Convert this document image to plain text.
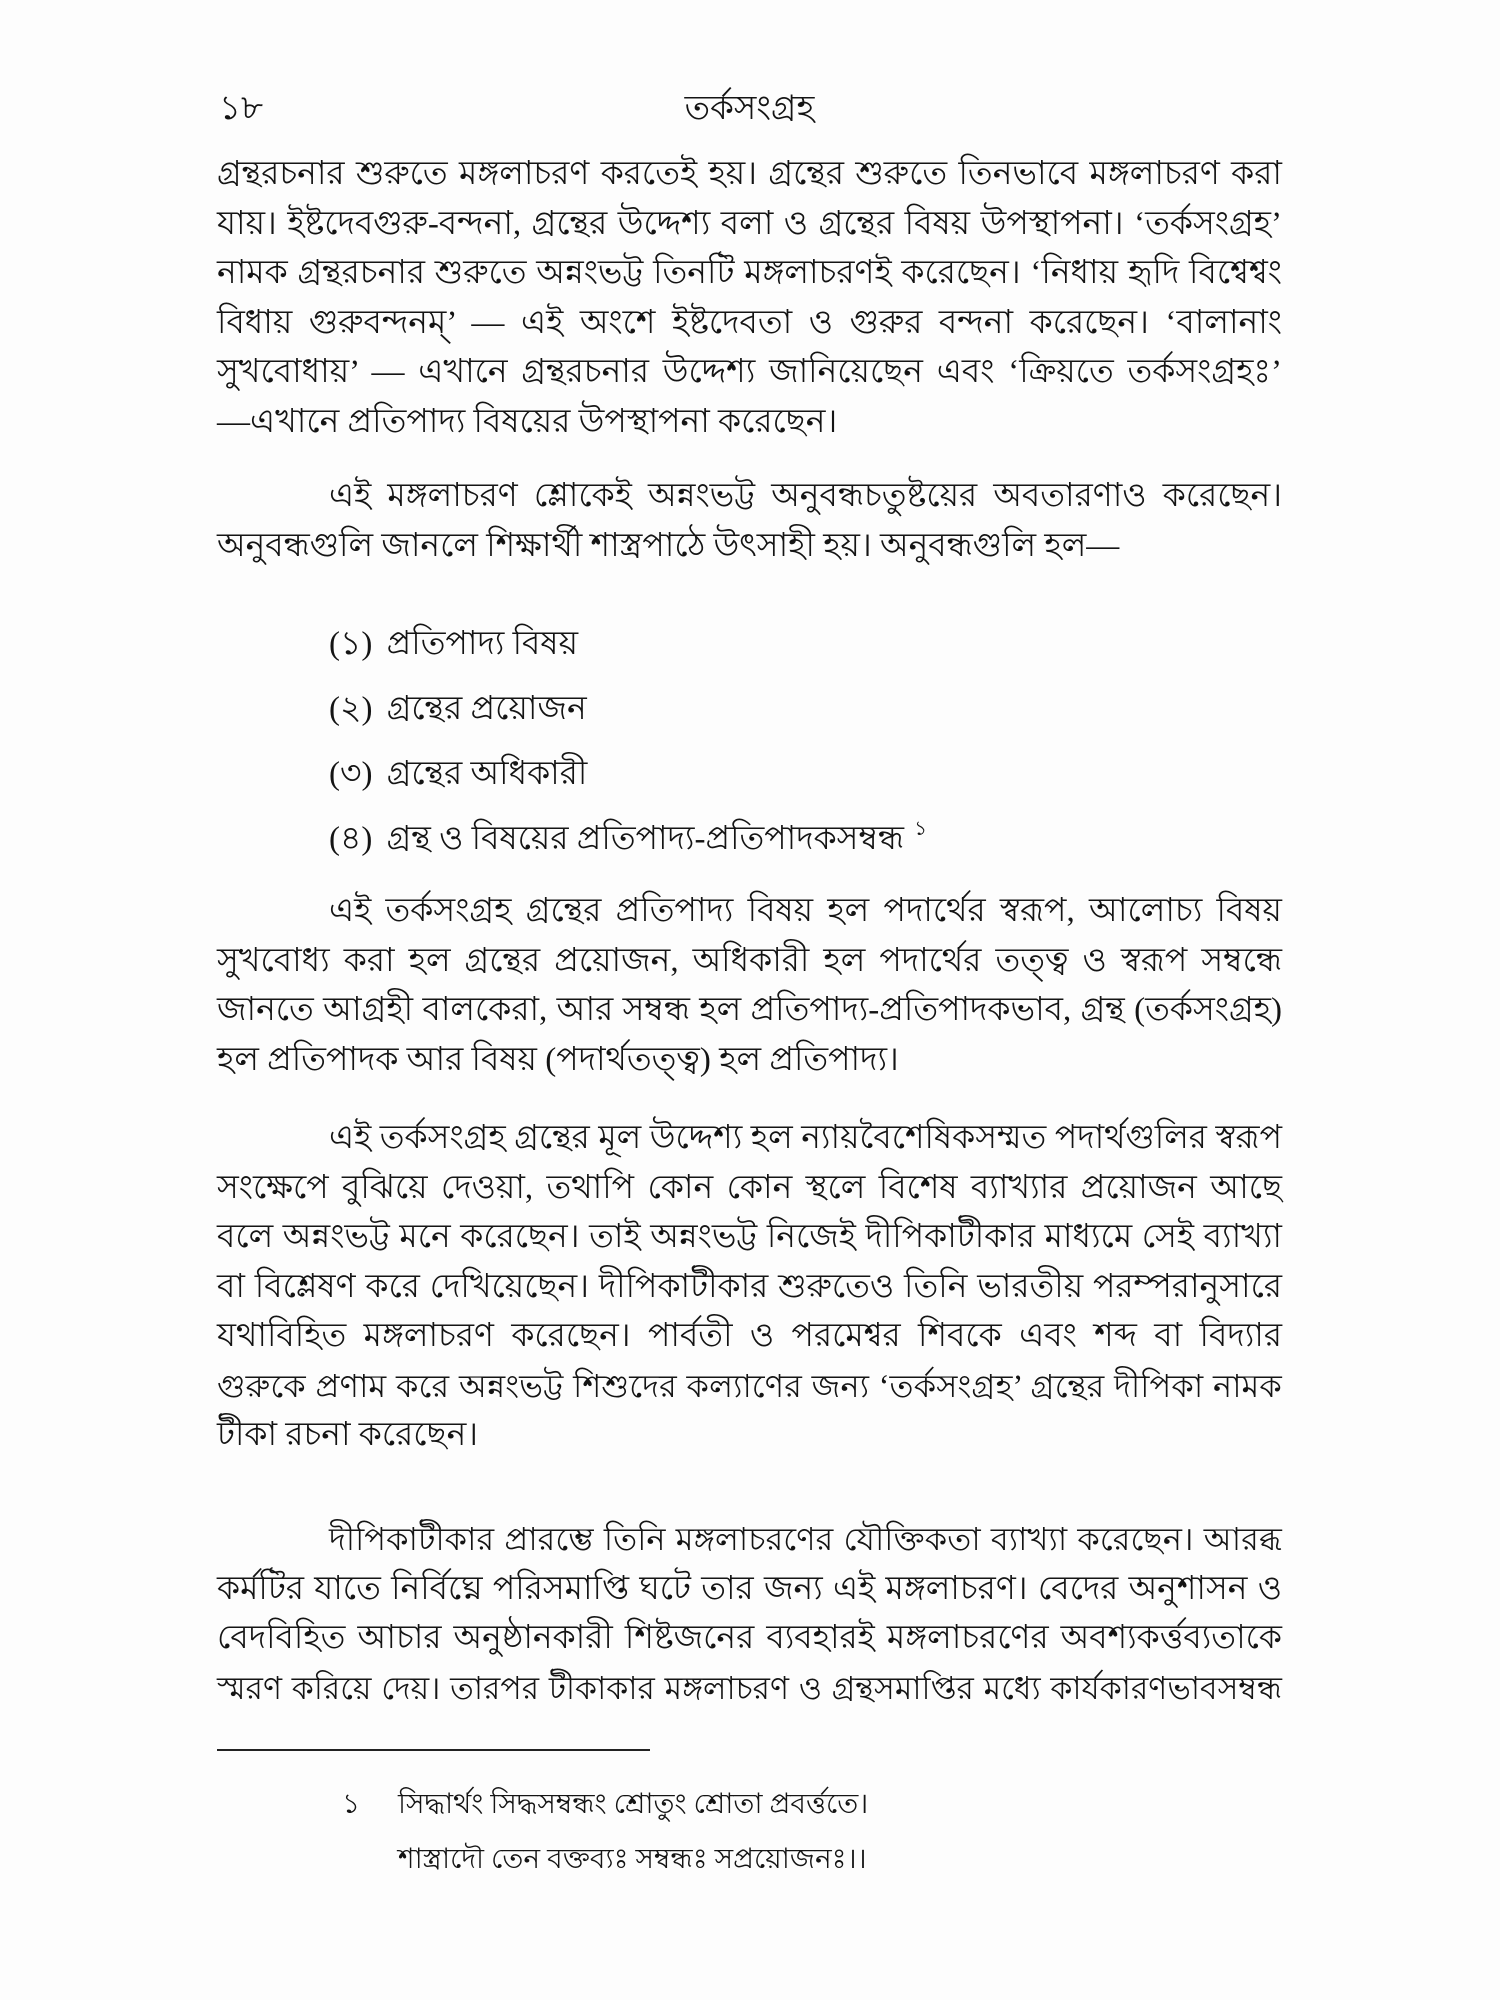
১৮	তর্কসংগ্রহ
গ্রন্থরচনার শুরুতে মঙ্গলাচরণ করতেই হয়। গ্রন্থের শুরুতে তিনভাবে মঙ্গলাচরণ করা
যায়। ইষ্টদেবগুরু-বন্দনা, গ্রন্থের উদ্দেশ্য বলা ও গ্রন্থের বিষয় উপস্থাপনা। ‘তর্কসংগ্রহ’
নামক গ্রন্থরচনার শুরুতে অন্নংভট্ট তিনটি মঙ্গলাচরণই করেছেন। ‘নিধায় হৃদি বিশ্বেশ্বং
বিধায় গুরুবন্দনম্’ — এই অংশে ইষ্টদেবতা ও গুরুর বন্দনা করেছেন। ‘বালানাং
সুখবোধায়’ — এখানে গ্রন্থরচনার উদ্দেশ্য জানিয়েছেন এবং ‘ক্রিয়তে তর্কসংগ্রহঃ’
—এখানে প্রতিপাদ্য বিষয়ের উপস্থাপনা করেছেন।
এই মঙ্গলাচরণ শ্লোকেই অন্নংভট্ট অনুবন্ধচতুষ্টয়ের অবতারণাও করেছেন।
অনুবন্ধগুলি জানলে শিক্ষার্থী শাস্ত্রপাঠে উৎসাহী হয়। অনুবন্ধগুলি হল—
(১) প্রতিপাদ্য বিষয়
(২) গ্রন্থের প্রয়োজন
(৩) গ্রন্থের অধিকারী
(৪) গ্রন্থ ও বিষয়ের প্রতিপাদ্য-প্রতিপাদকসম্বন্ধ $^১$
এই তর্কসংগ্রহ গ্রন্থের প্রতিপাদ্য বিষয় হল পদার্থের স্বরূপ, আলোচ্য বিষয়
সুখবোধ্য করা হল গ্রন্থের প্রয়োজন, অধিকারী হল পদার্থের তত্ত্ব ও স্বরূপ সম্বন্ধে
জানতে আগ্রহী বালকেরা, আর সম্বন্ধ হল প্রতিপাদ্য-প্রতিপাদকভাব, গ্রন্থ (তর্কসংগ্রহ)
হল প্রতিপাদক আর বিষয় (পদার্থতত্ত্ব) হল প্রতিপাদ্য।
এই তর্কসংগ্রহ গ্রন্থের মূল উদ্দেশ্য হল ন্যায়বৈশেষিকসম্মত পদার্থগুলির স্বরূপ
সংক্ষেপে বুঝিয়ে দেওয়া, তথাপি কোন কোন স্থলে বিশেষ ব্যাখ্যার প্রয়োজন আছে
বলে অন্নংভট্ট মনে করেছেন। তাই অন্নংভট্ট নিজেই দীপিকাটীকার মাধ্যমে সেই ব্যাখ্যা
বা বিশ্লেষণ করে দেখিয়েছেন। দীপিকাটীকার শুরুতেও তিনি ভারতীয় পরম্পরানুসারে
যথাবিহিত মঙ্গলাচরণ করেছেন। পার্বতী ও পরমেশ্বর শিবকে এবং শব্দ বা বিদ্যার
গুরুকে প্রণাম করে অন্নংভট্ট শিশুদের কল্যাণের জন্য ‘তর্কসংগ্রহ’ গ্রন্থের দীপিকা নামক
টীকা রচনা করেছেন।
দীপিকাটীকার প্রারম্ভে তিনি মঙ্গলাচরণের যৌক্তিকতা ব্যাখ্যা করেছেন। আরব্ধ
কর্মটির যাতে নির্বিঘ্নে পরিসমাপ্তি ঘটে তার জন্য এই মঙ্গলাচরণ। বেদের অনুশাসন ও
বেদবিহিত আচার অনুষ্ঠানকারী শিষ্টজনের ব্যবহারই মঙ্গলাচরণের অবশ্যকর্ত্তব্যতাকে
স্মরণ করিয়ে দেয়। তারপর টীকাকার মঙ্গলাচরণ ও গ্রন্থসমাপ্তির মধ্যে কার্যকারণভাবসম্বন্ধ
১ সিদ্ধার্থং সিদ্ধসম্বন্ধং শ্রোতুং শ্রোতা প্রবর্ত্ততে।
শাস্ত্রাদৌ তেন বক্তব্যঃ সম্বন্ধঃ সপ্রয়োজনঃ।।
